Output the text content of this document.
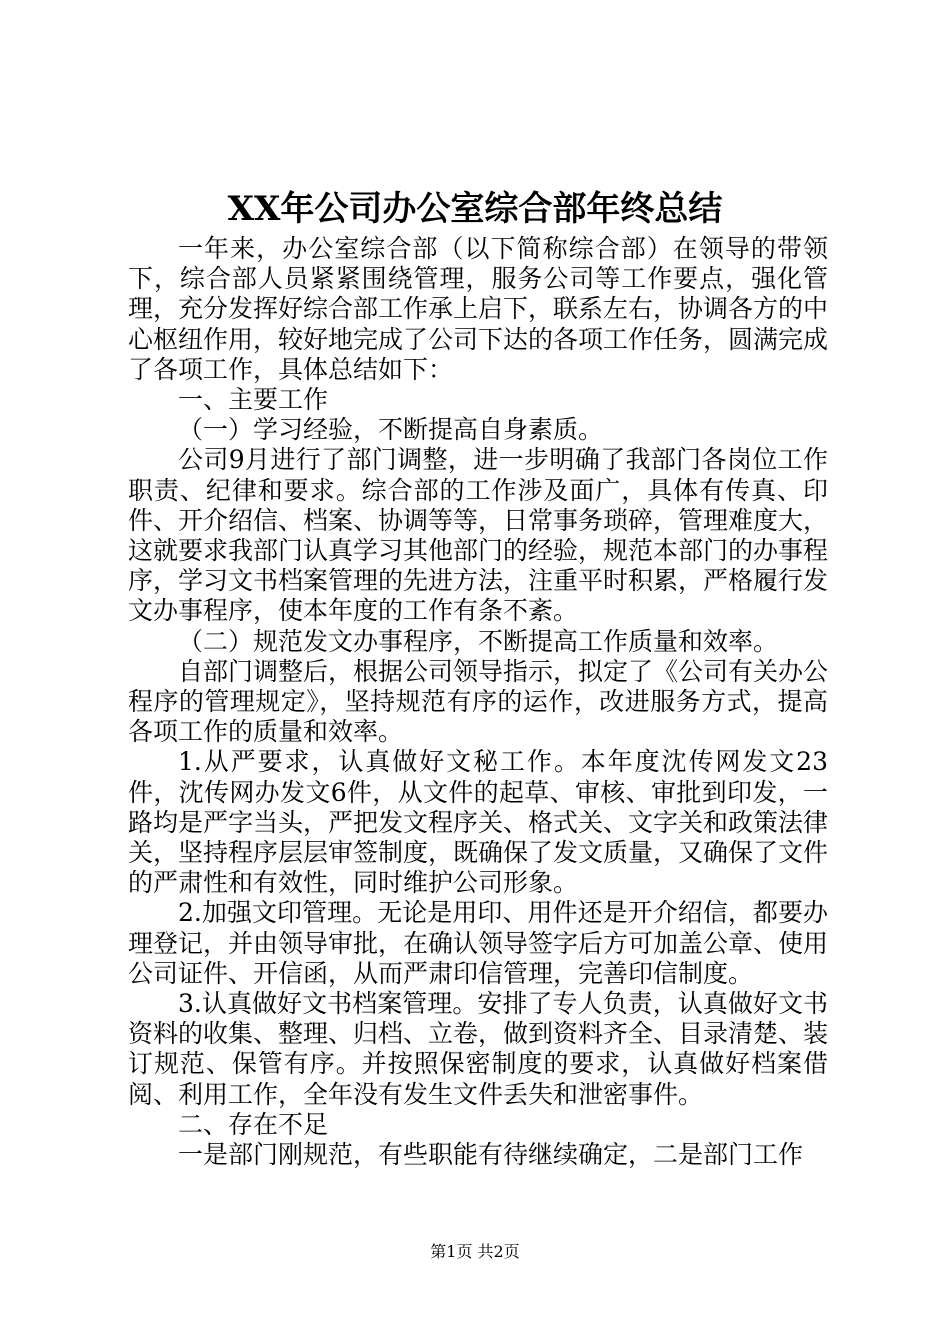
XX年公司办公室综合部年终总结

一年来，办公室综合部（以下简称综合部）在领导的带领下，综合部人员紧紧围绕管理，服务公司等工作要点，强化管理，充分发挥好综合部工作承上启下，联系左右，协调各方的中心枢纽作用，较好地完成了公司下达的各项工作任务，圆满完成了各项工作，具体总结如下：

一、主要工作

（一）学习经验，不断提高自身素质。

公司9月进行了部门调整，进一步明确了我部门各岗位工作职责、纪律和要求。综合部的工作涉及面广，具体有传真、印件、开介绍信、档案、协调等等，日常事务琐碎，管理难度大，这就要求我部门认真学习其他部门的经验，规范本部门的办事程序，学习文书档案管理的先进方法，注重平时积累，严格履行发文办事程序，使本年度的工作有条不紊。

（二）规范发文办事程序，不断提高工作质量和效率。

自部门调整后，根据公司领导指示，拟定了《公司有关办公程序的管理规定》，坚持规范有序的运作，改进服务方式，提高各项工作的质量和效率。

1.从严要求，认真做好文秘工作。本年度沈传网发文23件，沈传网办发文6件，从文件的起草、审核、审批到印发，一路均是严字当头，严把发文程序关、格式关、文字关和政策法律关，坚持程序层层审签制度，既确保了发文质量，又确保了文件的严肃性和有效性，同时维护公司形象。

2.加强文印管理。无论是用印、用件还是开介绍信，都要办理登记，并由领导审批，在确认领导签字后方可加盖公章、使用公司证件、开信函，从而严肃印信管理，完善印信制度。

3.认真做好文书档案管理。安排了专人负责，认真做好文书资料的收集、整理、归档、立卷，做到资料齐全、目录清楚、装订规范、保管有序。并按照保密制度的要求，认真做好档案借阅、利用工作，全年没有发生文件丢失和泄密事件。

二、存在不足

一是部门刚规范，有些职能有待继续确定，二是部门工作

第1页 共2页
